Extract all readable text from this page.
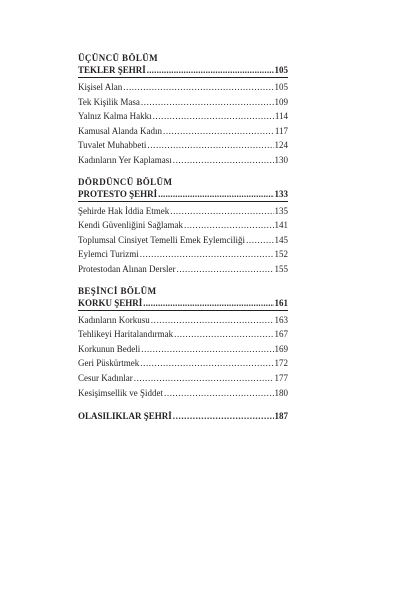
ÜÇÜNCÜ BÖLÜM
TEKLER ŞEHRİ .....	105
Kişisel Alan .....	105
Tek Kişilik Masa .....	109
Yalnız Kalma Hakkı .....	114
Kamusal Alanda Kadın .....	117
Tuvalet Muhabbeti .....	124
Kadınların Yer Kaplaması .....	130
DÖRDÜNCÜ BÖLÜM
PROTESTO ŞEHRİ .....	133
Şehirde Hak İddia Etmek .....	135
Kendi Güvenliğini Sağlamak .....	141
Toplumsal Cinsiyet Temelli Emek Eylemciliği .....	145
Eylemci Turizmi .....	152
Protestodan Alınan Dersler .....	155
BEŞİNCİ BÖLÜM
KORKU ŞEHRİ .....	161
Kadınların Korkusu .....	163
Tehlikeyi Haritalandırmak .....	167
Korkunun Bedeli .....	169
Geri Püskürtmek .....	172
Cesur Kadınlar .....	177
Kesişimsellik ve Şiddet .....	180
OLASILIKLAR ŞEHRİ .....	187
